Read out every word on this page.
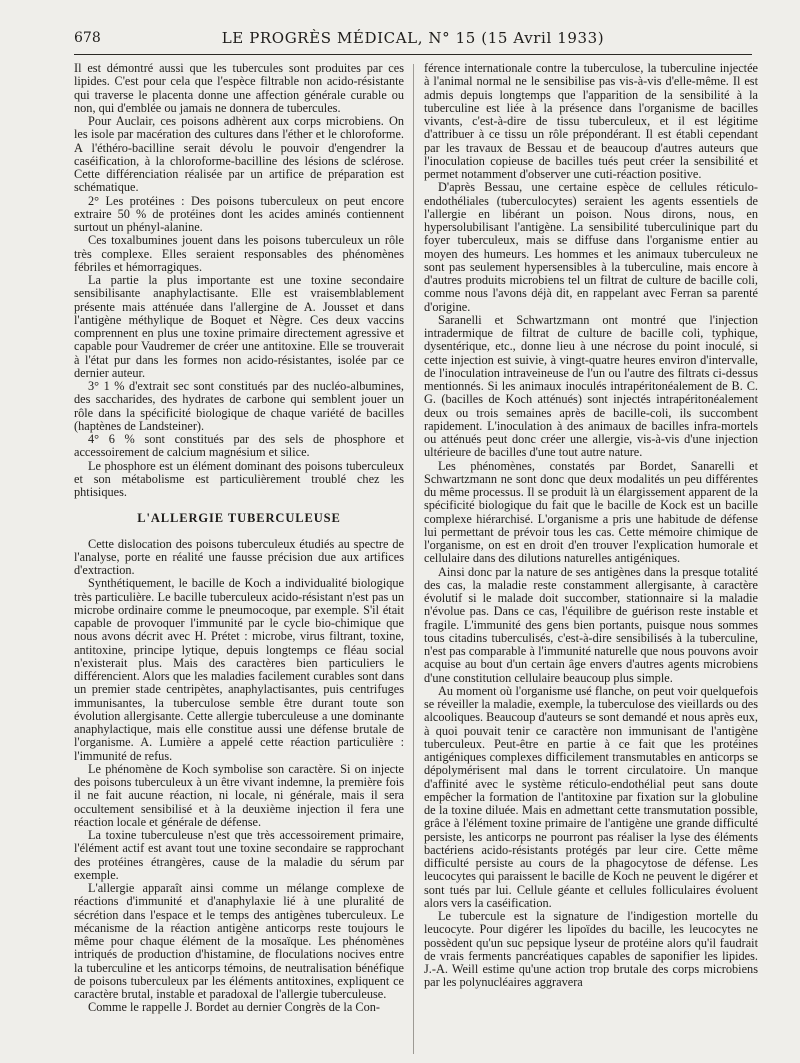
678	LE PROGRÈS MÉDICAL, N° 15 (15 Avril 1933)

Il est démontré aussi que les tubercules sont produites par ces lipides. C'est pour cela que l'espèce filtrable non acido-résistante qui traverse le placenta donne une affection générale curable ou non, qui d'emblée ou jamais ne donnera de tubercules.

Pour Auclair, ces poisons adhèrent aux corps microbiens. On les isole par macération des cultures dans l'éther et le chloroforme. A l'éthéro-bacilline serait dévolu le pouvoir d'engendrer la caséification, à la chloroforme-bacilline des lésions de sclérose. Cette différenciation réalisée par un artifice de préparation est schématique.

2° Les protéines : Des poisons tuberculeux on peut encore extraire 50 % de protéines dont les acides aminés contiennent surtout un phényl-alanine.

Ces toxalbumines jouent dans les poisons tuberculeux un rôle très complexe. Elles seraient responsables des phénomènes fébriles et hémorragiques.

La partie la plus importante est une toxine secondaire sensibilisante anaphylactisante. Elle est vraisemblablement présente mais atténuée dans l'allergine de A. Jousset et dans l'antigène méthylique de Boquet et Nègre. Ces deux vaccins comprennent en plus une toxine primaire directement agressive et capable pour Vaudremer de créer une antitoxine. Elle se trouverait à l'état pur dans les formes non acido-résistantes, isolée par ce dernier auteur.

3° 1 % d'extrait sec sont constitués par des nucléo-albumines, des saccharides, des hydrates de carbone qui semblent jouer un rôle dans la spécificité biologique de chaque variété de bacilles (haptènes de Landsteiner).

4° 6 % sont constitués par des sels de phosphore et accessoirement de calcium magnésium et silice.

Le phosphore est un élément dominant des poisons tuberculeux et son métabolisme est particulièrement troublé chez les phtisiques.

L'ALLERGIE TUBERCULEUSE

Cette dislocation des poisons tuberculeux étudiés au spectre de l'analyse, porte en réalité une fausse précision due aux artifices d'extraction.

Synthétiquement, le bacille de Koch a individualité biologique très particulière. Le bacille tuberculeux acido-résistant n'est pas un microbe ordinaire comme le pneumocoque, par exemple. S'il était capable de provoquer l'immunité par le cycle bio-chimique que nous avons décrit avec H. Prétet : microbe, virus filtrant, toxine, antitoxine, principe lytique, depuis longtemps ce fléau social n'existerait plus. Mais des caractères bien particuliers le différencient. Alors que les maladies facilement curables sont dans un premier stade centripètes, anaphylactisantes, puis centrifuges immunisantes, la tuberculose semble être durant toute son évolution allergisante. Cette allergie tuberculeuse a une dominante anaphylactique, mais elle constitue aussi une défense brutale de l'organisme. A. Lumière a appelé cette réaction particulière : l'immunité de refus.

Le phénomène de Koch symbolise son caractère. Si on injecte des poisons tuberculeux à un être vivant indemne, la première fois il ne fait aucune réaction, ni locale, ni générale, mais il sera occultement sensibilisé et à la deuxième injection il fera une réaction locale et générale de défense.

La toxine tuberculeuse n'est que très accessoirement primaire, l'élément actif est avant tout une toxine secondaire se rapprochant des protéines étrangères, cause de la maladie du sérum par exemple.

L'allergie apparaît ainsi comme un mélange complexe de réactions d'immunité et d'anaphylaxie lié à une pluralité de sécrétion dans l'espace et le temps des antigènes tuberculeux. Le mécanisme de la réaction antigène anticorps reste toujours le même pour chaque élément de la mosaïque. Les phénomènes intriqués de production d'histamine, de floculations nocives entre la tuberculine et les anticorps témoins, de neutralisation bénéfique de poisons tuberculeux par les éléments antitoxines, expliquent ce caractère brutal, instable et paradoxal de l'allergie tuberculeuse.

Comme le rappelle J. Bordet au dernier Congrès de la Con-

férence internationale contre la tuberculose, la tuberculine injectée à l'animal normal ne le sensibilise pas vis-à-vis d'elle-même. Il est admis depuis longtemps que l'apparition de la sensibilité à la tuberculine est liée à la présence dans l'organisme de bacilles vivants, c'est-à-dire de tissu tuberculeux, et il est légitime d'attribuer à ce tissu un rôle prépondérant. Il est établi cependant par les travaux de Bessau et de beaucoup d'autres auteurs que l'inoculation copieuse de bacilles tués peut créer la sensibilité et permet notamment d'observer une cuti-réaction positive.

D'après Bessau, une certaine espèce de cellules réticulo-endothéliales (tuberculocytes) seraient les agents essentiels de l'allergie en libérant un poison. Nous dirons, nous, en hypersolubilisant l'antigène. La sensibilité tuberculinique part du foyer tuberculeux, mais se diffuse dans l'organisme entier au moyen des humeurs. Les hommes et les animaux tuberculeux ne sont pas seulement hypersensibles à la tuberculine, mais encore à d'autres produits microbiens tel un filtrat de culture de bacille coli, comme nous l'avons déjà dit, en rappelant avec Ferran sa parenté d'origine.

Saranelli et Schwartzmann ont montré que l'injection intradermique de filtrat de culture de bacille coli, typhique, dysentérique, etc., donne lieu à une nécrose du point inoculé, si cette injection est suivie, à vingt-quatre heures environ d'intervalle, de l'inoculation intraveineuse de l'un ou l'autre des filtrats ci-dessus mentionnés. Si les animaux inoculés intrapéritonéalement de B. C. G. (bacilles de Koch atténués) sont injectés intrapéritonéalement deux ou trois semaines après de bacille-coli, ils succombent rapidement. L'inoculation à des animaux de bacilles infra-mortels ou atténués peut donc créer une allergie, vis-à-vis d'une injection ultérieure de bacilles d'une tout autre nature.

Les phénomènes, constatés par Bordet, Sanarelli et Schwartzmann ne sont donc que deux modalités un peu différentes du même processus. Il se produit là un élargissement apparent de la spécificité biologique du fait que le bacille de Kock est un bacille complexe hiérarchisé. L'organisme a pris une habitude de défense lui permettant de prévoir tous les cas. Cette mémoire chimique de l'organisme, on est en droit d'en trouver l'explication humorale et cellulaire dans des dilutions naturelles antigéniques.

Ainsi donc par la nature de ses antigènes dans la presque totalité des cas, la maladie reste constamment allergisante, à caractère évolutif si le malade doit succomber, stationnaire si la maladie n'évolue pas. Dans ce cas, l'équilibre de guérison reste instable et fragile. L'immunité des gens bien portants, puisque nous sommes tous citadins tuberculisés, c'est-à-dire sensibilisés à la tuberculine, n'est pas comparable à l'immunité naturelle que nous pouvons avoir acquise au bout d'un certain âge envers d'autres agents microbiens d'une constitution cellulaire beaucoup plus simple.

Au moment où l'organisme usé flanche, on peut voir quelquefois se réveiller la maladie, exemple, la tuberculose des vieillards ou des alcooliques. Beaucoup d'auteurs se sont demandé et nous après eux, à quoi pouvait tenir ce caractère non immunisant de l'antigène tuberculeux. Peut-être en partie à ce fait que les protéines antigéniques complexes difficilement transmutables en anticorps se dépolymérisent mal dans le torrent circulatoire. Un manque d'affinité avec le système réticulo-endothélial peut sans doute empêcher la formation de l'antitoxine par fixation sur la globuline de la toxine diluée. Mais en admettant cette transmutation possible, grâce à l'élément toxine primaire de l'antigène une grande difficulté persiste, les anticorps ne pourront pas réaliser la lyse des éléments bactériens acido-résistants protégés par leur cire. Cette même difficulté persiste au cours de la phagocytose de défense. Les leucocytes qui paraissent le bacille de Koch ne peuvent le digérer et sont tués par lui. Cellule géante et cellules folliculaires évoluent alors vers la caséification.

Le tubercule est la signature de l'indigestion mortelle du leucocyte. Pour digérer les lipoïdes du bacille, les leucocytes ne possèdent qu'un suc pepsique lyseur de protéine alors qu'il faudrait de vrais ferments pancréatiques capables de saponifier les lipides. J.-A. Weill estime qu'une action trop brutale des corps microbiens par les polynucléaires aggravera
